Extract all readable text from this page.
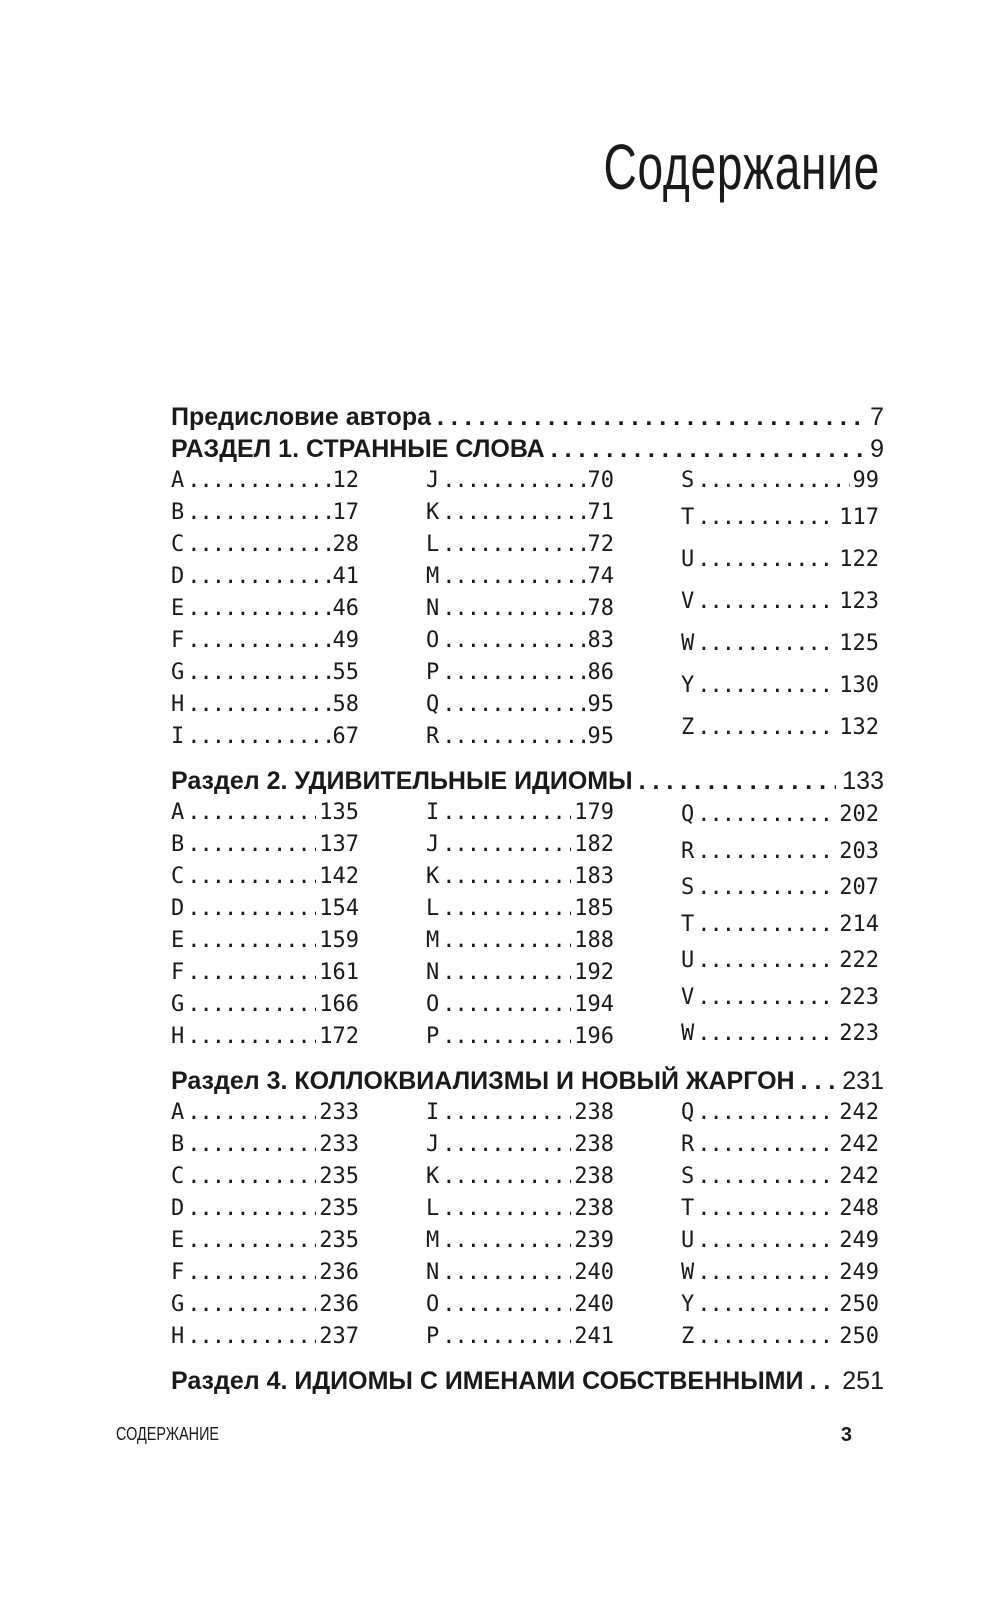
Содержание
Предисловие автора . . .	7
РАЗДЕЛ 1. СТРАННЫЕ СЛОВА . . .	9
A .....	12
B .....	17
C .....	28
D .....	41
E .....	46
F .....	49
G .....	55
H .....	58
I .....	67
J .....	70
K .....	71
L .....	72
M .....	74
N .....	78
O .....	83
P .....	86
Q .....	95
R .....	95
S .....	99
T .....	117
U .....	122
V .....	123
W .....	125
Y .....	130
Z .....	132
Раздел 2. УДИВИТЕЛЬНЫЕ ИДИОМЫ . . .	133
A .....	135
B .....	137
C .....	142
D .....	154
E .....	159
F .....	161
G .....	166
H .....	172
I .....	179
J .....	182
K .....	183
L .....	185
M .....	188
N .....	192
O .....	194
P .....	196
Q .....	202
R .....	203
S .....	207
T .....	214
U .....	222
V .....	223
W .....	223
Раздел 3. КОЛЛОКВИАЛИЗМЫ И НОВЫЙ ЖАРГОН . . . 231
A .....	233
B .....	233
C .....	235
D .....	235
E .....	235
F .....	236
G .....	236
H .....	237
I .....	238
J .....	238
K .....	238
L .....	238
M .....	239
N .....	240
O .....	240
P .....	241
Q .....	242
R .....	242
S .....	242
T .....	248
U .....	249
W .....	249
Y .....	250
Z .....	250
Раздел 4. ИДИОМЫ С ИМЕНАМИ СОБСТВЕННЫМИ . . . 251
СОДЕРЖАНИЕ	3
